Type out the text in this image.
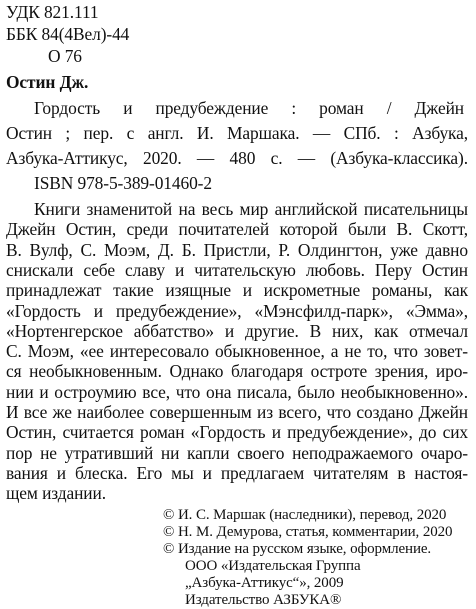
УДК 821.111
ББК 84(4Вел)-44
О 76
Остин Дж.
Гордость и предубеждение : роман / Джейн
Остин ; пер. с англ. И. Маршака. — СПб. : Азбука,
Азбука-Аттикус, 2020. — 480 с. — (Азбука-классика).
ISBN 978-5-389-01460-2
Книги знаменитой на весь мир английской писательницы
Джейн Остин, среди почитателей которой были В. Скотт,
В. Вулф, С. Моэм, Д. Б. Пристли, Р. Олдингтон, уже давно
снискали себе славу и читательскую любовь. Перу Остин
принадлежат такие изящные и искрометные романы, как
«Гордость и предубеждение», «Мэнсфилд-парк», «Эмма»,
«Нортенгерское аббатство» и другие. В них, как отмечал
С. Моэм, «ее интересовало обыкновенное, а не то, что зовет-
ся необыкновенным. Однако благодаря остроте зрения, иро-
нии и остроумию все, что она писала, было необыкновенно».
И все же наиболее совершенным из всего, что создано Джейн
Остин, считается роман «Гордость и предубеждение», до сих
пор не утративший ни капли своего неподражаемого очарo-
вания и блеска. Его мы и предлагаем читателям в настоя-
щем издании.
© И. С. Маршак (наследники), перевод, 2020
© Н. М. Демурова, статья, комментарии, 2020
© Издание на русском языке, оформление.
ООО «Издательская Группа
„Азбука-Аттикус“», 2009
Издательство АЗБУКА®
